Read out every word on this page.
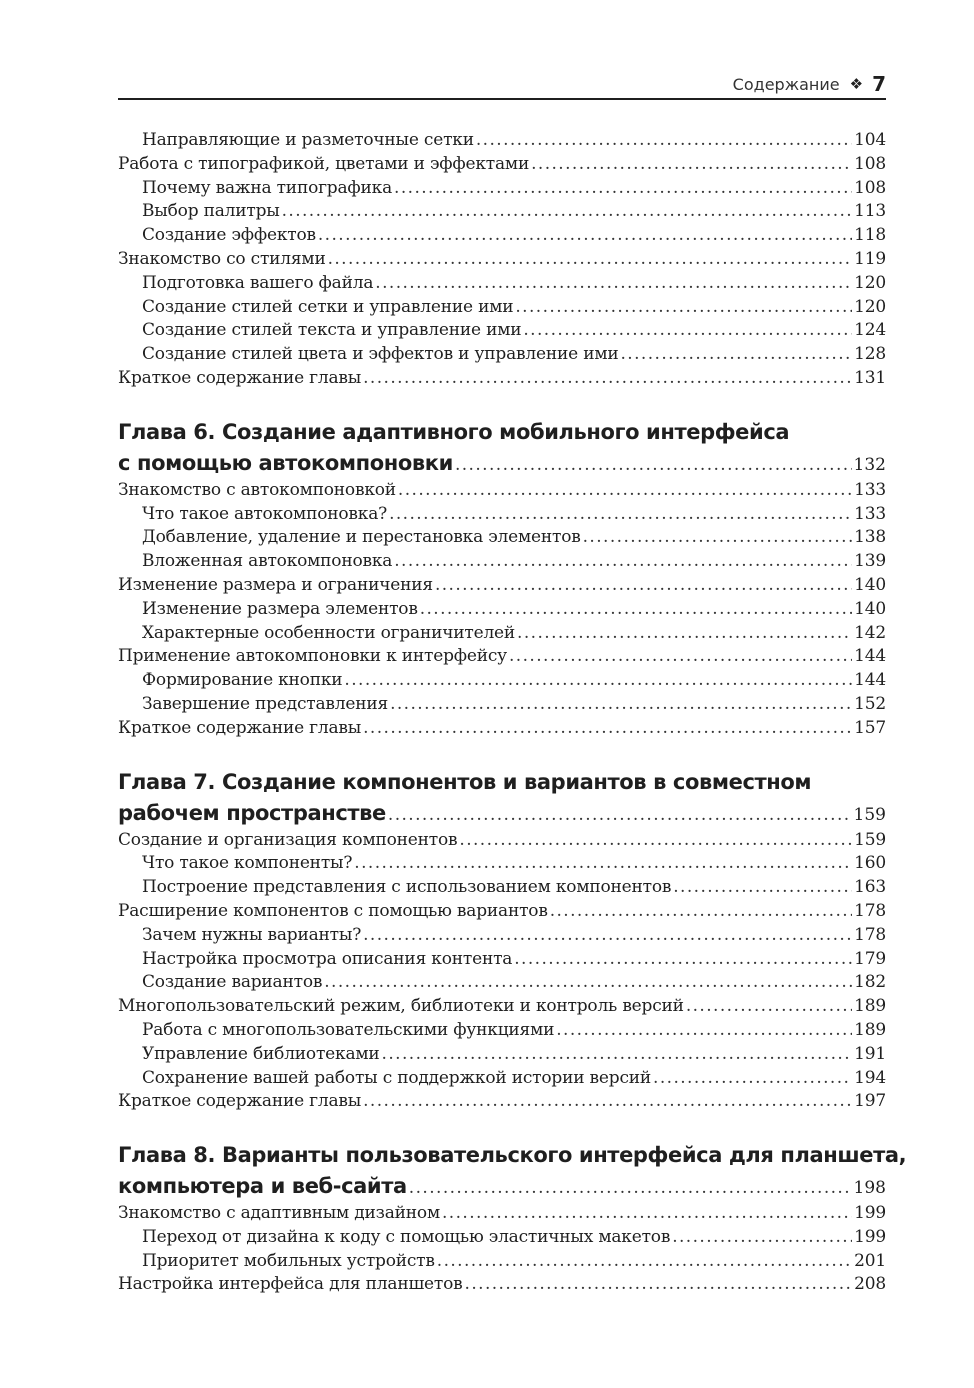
Содержание ❖ 7
Направляющие и разметочные сетки .....	104
Работа с типографикой, цветами и эффектами .....	108
Почему важна типографика .....	108
Выбор палитры .....	113
Создание эффектов .....	118
Знакомство со стилями .....	119
Подготовка вашего файла .....	120
Создание стилей сетки и управление ими .....	120
Создание стилей текста и управление ими .....	124
Создание стилей цвета и эффектов и управление ими .....	128
Краткое содержание главы .....	131
Глава 6. Создание адаптивного мобильного интерфейса
с помощью автокомпоновки .....	132
Знакомство с автокомпоновкой .....	133
Что такое автокомпоновка? .....	133
Добавление, удаление и перестановка элементов .....	138
Вложенная автокомпоновка .....	139
Изменение размера и ограничения .....	140
Изменение размера элементов .....	140
Характерные особенности ограничителей .....	142
Применение автокомпоновки к интерфейсу .....	144
Формирование кнопки .....	144
Завершение представления .....	152
Краткое содержание главы .....	157
Глава 7. Создание компонентов и вариантов в совместном
рабочем пространстве .....	159
Создание и организация компонентов .....	159
Что такое компоненты? .....	160
Построение представления с использованием компонентов .....	163
Расширение компонентов с помощью вариантов .....	178
Зачем нужны варианты? .....	178
Настройка просмотра описания контента .....	179
Создание вариантов .....	182
Многопользовательский режим, библиотеки и контроль версий .....	189
Работа с многопользовательскими функциями .....	189
Управление библиотеками .....	191
Сохранение вашей работы с поддержкой истории версий .....	194
Краткое содержание главы .....	197
Глава 8. Варианты пользовательского интерфейса для планшета,
компьютера и веб-сайта .....	198
Знакомство с адаптивным дизайном .....	199
Переход от дизайна к коду с помощью эластичных макетов .....	199
Приоритет мобильных устройств .....	201
Настройка интерфейса для планшетов .....	208
